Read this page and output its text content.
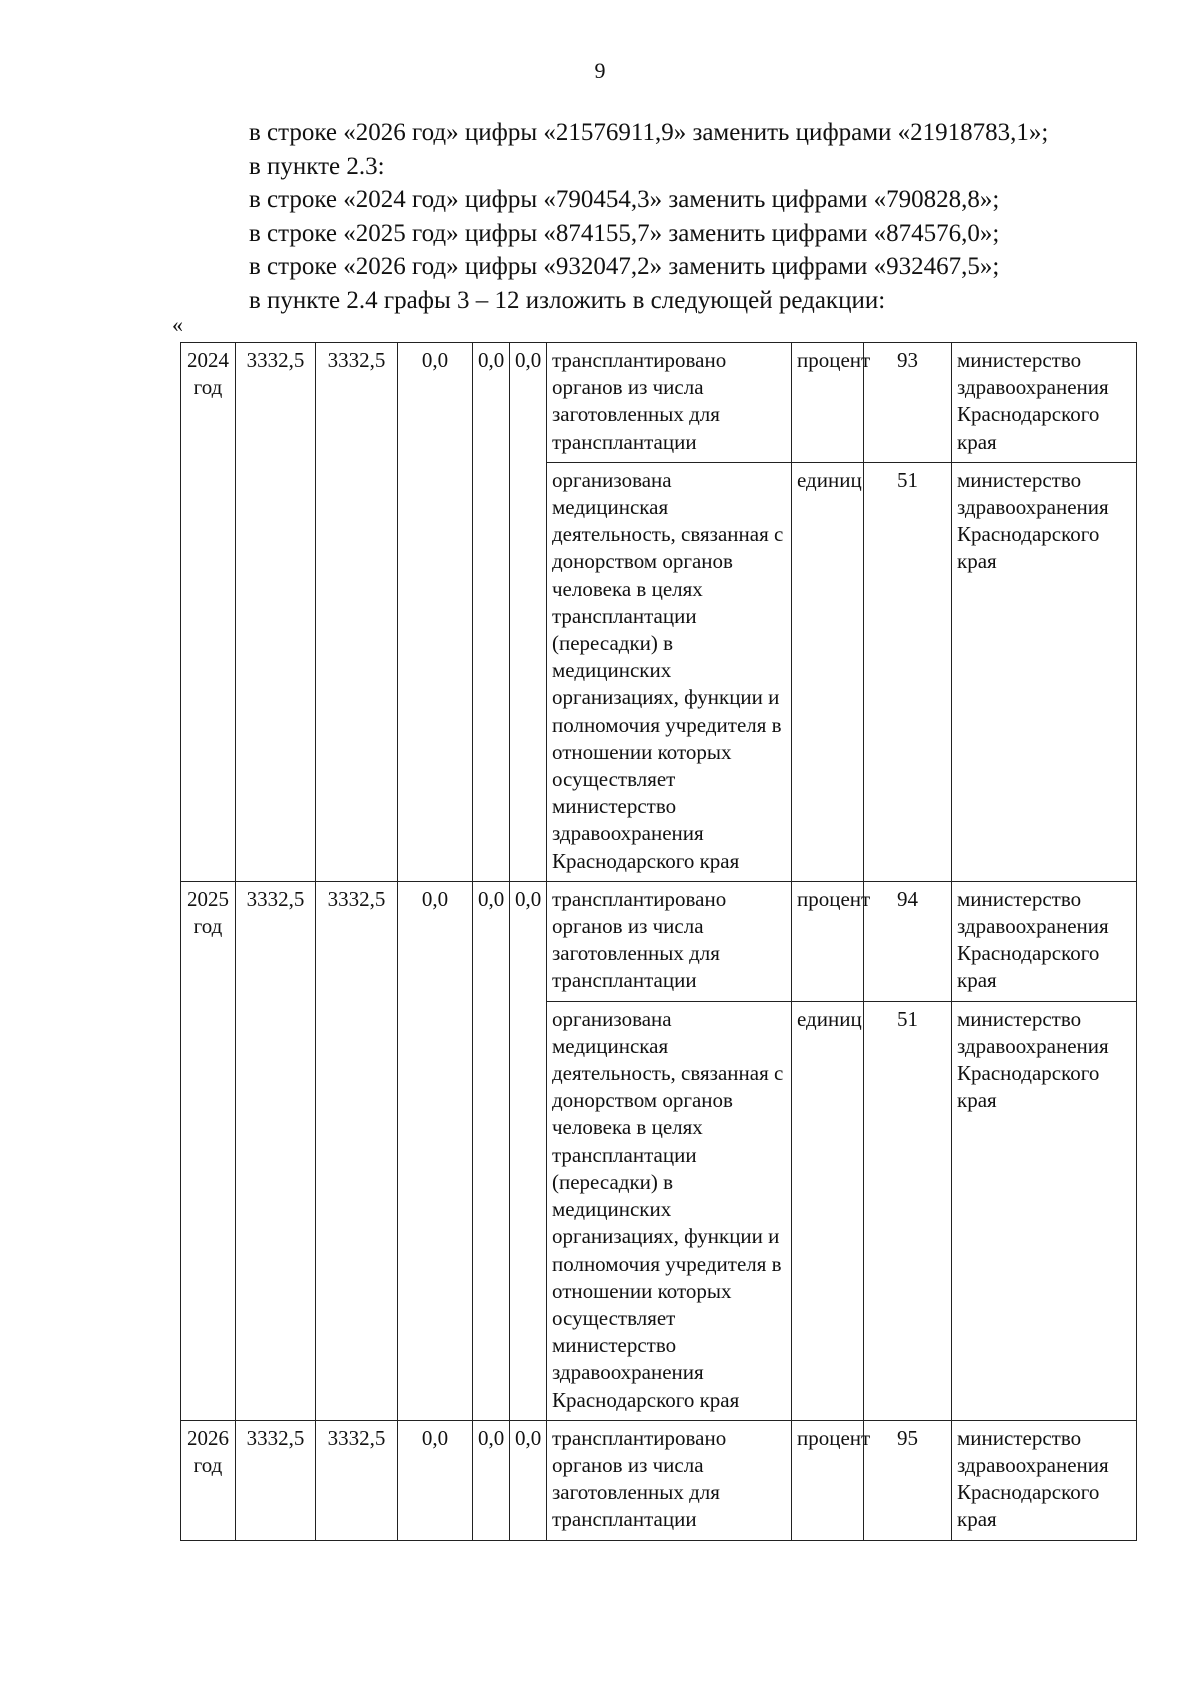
9
в строке «2026 год» цифры «21576911,9» заменить цифрами «21918783,1»;
в пункте 2.3:
в строке «2024 год» цифры «790454,3» заменить цифрами «790828,8»;
в строке «2025 год» цифры «874155,7» заменить цифрами «874576,0»;
в строке «2026 год» цифры «932047,2» заменить цифрами «932467,5»;
в пункте 2.4 графы 3 – 12 изложить в следующей редакции:
«
2024 год	3332,5	3332,5	0,0	0,0	0,0	трансплантировано органов из числа заготовленных для трансплантации	процент	93	министерство здравоохранения Краснодарского края
						организована медицинская деятельность, связанная с донорством органов человека в целях трансплантации (пересадки) в медицинских организациях, функции и полномочия учредителя в отношении которых осуществляет министерство здравоохранения Краснодарского края	единиц	51	министерство здравоохранения Краснодарского края
2025 год	3332,5	3332,5	0,0	0,0	0,0	трансплантировано органов из числа заготовленных для трансплантации	процент	94	министерство здравоохранения Краснодарского края
						организована медицинская деятельность, связанная с донорством органов человека в целях трансплантации (пересадки) в медицинских организациях, функции и полномочия учредителя в отношении которых осуществляет министерство здравоохранения Краснодарского края	единиц	51	министерство здравоохранения Краснодарского края
2026 год	3332,5	3332,5	0,0	0,0	0,0	трансплантировано органов из числа заготовленных для трансплантации	процент	95	министерство здравоохранения Краснодарского края
